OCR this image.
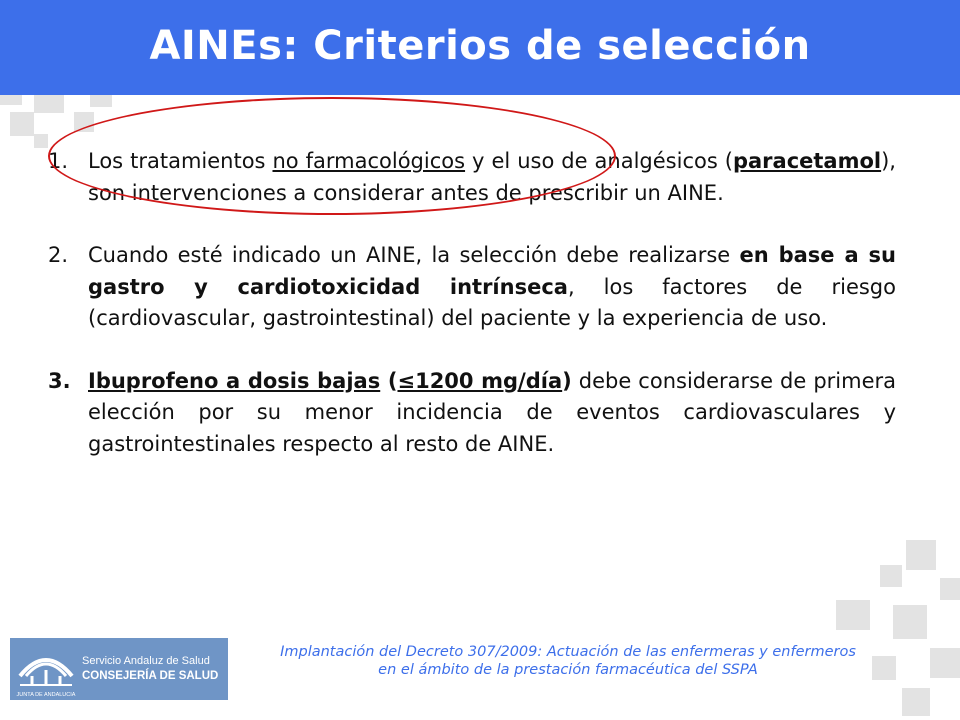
AINEs: Criterios de selección
1. Los tratamientos no farmacológicos y el uso de analgésicos (paracetamol), son intervenciones a considerar antes de prescribir un AINE.
2. Cuando esté indicado un AINE, la selección debe realizarse en base a su gastro y cardiotoxicidad intrínseca, los factores de riesgo (cardiovascular, gastrointestinal) del paciente y la experiencia de uso.
3. Ibuprofeno a dosis bajas (≤1200 mg/día) debe considerarse de primera elección por su menor incidencia de eventos cardiovasculares y gastrointestinales respecto al resto de AINE.
Implantación del Decreto 307/2009: Actuación de las enfermeras y enfermeros
en el ámbito de la prestación farmacéutica del SSPA
JUNTA DE ANDALUCIA
Servicio Andaluz de Salud
CONSEJERÍA DE SALUD
